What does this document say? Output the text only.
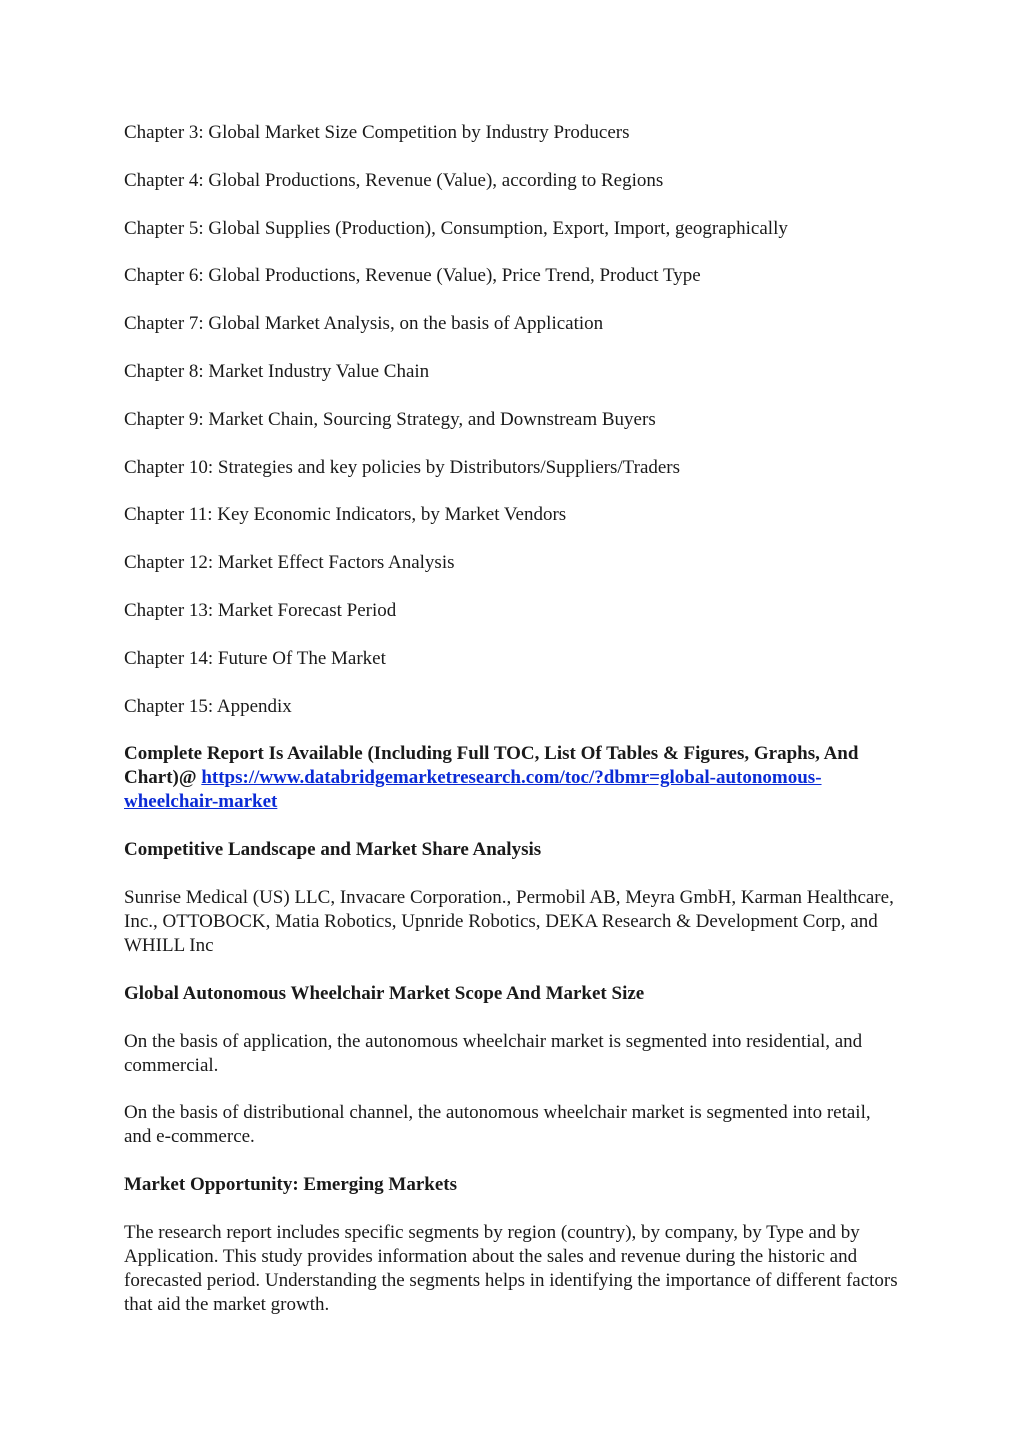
Chapter 3: Global Market Size Competition by Industry Producers
Chapter 4: Global Productions, Revenue (Value), according to Regions
Chapter 5: Global Supplies (Production), Consumption, Export, Import, geographically
Chapter 6: Global Productions, Revenue (Value), Price Trend, Product Type
Chapter 7: Global Market Analysis, on the basis of Application
Chapter 8: Market Industry Value Chain
Chapter 9: Market Chain, Sourcing Strategy, and Downstream Buyers
Chapter 10: Strategies and key policies by Distributors/Suppliers/Traders
Chapter 11: Key Economic Indicators, by Market Vendors
Chapter 12: Market Effect Factors Analysis
Chapter 13: Market Forecast Period
Chapter 14: Future Of The Market
Chapter 15: Appendix

Complete Report Is Available (Including Full TOC, List Of Tables & Figures, Graphs, And Chart)@ https://www.databridgemarketresearch.com/toc/?dbmr=global-autonomous-wheelchair-market

Competitive Landscape and Market Share Analysis

Sunrise Medical (US) LLC, Invacare Corporation., Permobil AB, Meyra GmbH, Karman Healthcare, Inc., OTTOBOCK, Matia Robotics, Upnride Robotics, DEKA Research & Development Corp, and WHILL Inc

Global Autonomous Wheelchair Market Scope And Market Size

On the basis of application, the autonomous wheelchair market is segmented into residential, and commercial.

On the basis of distributional channel, the autonomous wheelchair market is segmented into retail, and e-commerce.

Market Opportunity: Emerging Markets

The research report includes specific segments by region (country), by company, by Type and by Application. This study provides information about the sales and revenue during the historic and forecasted period. Understanding the segments helps in identifying the importance of different factors that aid the market growth.
